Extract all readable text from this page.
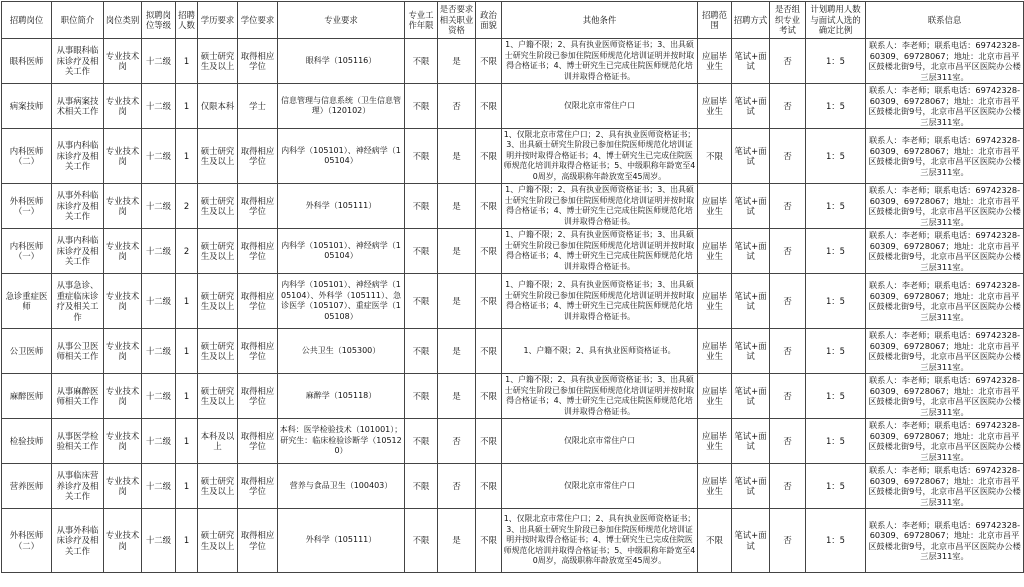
招聘岗位	职位简介	岗位类别	拟聘岗位等级	招聘人数	学历要求	学位要求	专业要求	专业工作年限	是否要求相关职业资格	政治面貌	其他条件	招聘范围	招聘方式	是否组织专业考试	计划聘用人数与面试人选的确定比例	联系信息
眼科医师	从事眼科临床诊疗及相关工作	专业技术岗	十二级	1	硕士研究生及以上	取得相应学位	眼科学（105116）	不限	是	不限	1、户籍不限；2、具有执业医师资格证书；3、出具硕士研究生阶段已参加住院医师规范化培训证明并按时取得合格证书；4、博士研究生已完成住院医师规范化培训并取得合格证书。	应届毕业生	笔试+面试	否	1：5	联系人：李老师；联系电话：69742328-60309、69728067；地址：北京市昌平区鼓楼北街9号，北京市昌平区医院办公楼三层311室。
病案技师	从事病案技术相关工作	专业技术岗	十二级	1	仅限本科	学士	信息管理与信息系统（卫生信息管理）（120102）	不限	否	不限	仅限北京市常住户口	应届毕业生	笔试+面试	否	1：5	联系人：李老师；联系电话：69742328-60309、69728067；地址：北京市昌平区鼓楼北街9号，北京市昌平区医院办公楼三层311室。
内科医师（二）	从事内科临床诊疗及相关工作	专业技术岗	十二级	1	硕士研究生及以上	取得相应学位	内科学（105101）、神经病学（105104）	不限	是	不限	1、仅限北京市常住户口；2、具有执业医师资格证书；3、出具硕士研究生阶段已参加住院医师规范化培训证明并按时取得合格证书；4、博士研究生已完成住院医师规范化培训并取得合格证书；5、中级职称年龄宽至40周岁，高级职称年龄放宽至45周岁。	不限	笔试+面试	否	1：5	联系人：李老师；联系电话：69742328-60309、69728067；地址：北京市昌平区鼓楼北街9号，北京市昌平区医院办公楼三层311室。
外科医师（一）	从事外科临床诊疗及相关工作	专业技术岗	十二级	2	硕士研究生及以上	取得相应学位	外科学（105111）	不限	是	不限	1、户籍不限；2、具有执业医师资格证书；3、出具硕士研究生阶段已参加住院医师规范化培训证明并按时取得合格证书；4、博士研究生已完成住院医师规范化培训并取得合格证书。	应届毕业生	笔试+面试	否	1：5	联系人：李老师；联系电话：69742328-60309、69728067；地址：北京市昌平区鼓楼北街9号，北京市昌平区医院办公楼三层311室。
内科医师（一）	从事内科临床诊疗及相关工作	专业技术岗	十二级	2	硕士研究生及以上	取得相应学位	内科学（105101）、神经病学（105104）	不限	是	不限	1、户籍不限；2、具有执业医师资格证书；3、出具硕士研究生阶段已参加住院医师规范化培训证明并按时取得合格证书；4、博士研究生已完成住院医师规范化培训并取得合格证书。	应届毕业生	笔试+面试	否	1：5	联系人：李老师；联系电话：69742328-60309、69728067；地址：北京市昌平区鼓楼北街9号，北京市昌平区医院办公楼三层311室。
急诊重症医师	从事急诊、重症临床诊疗及相关工作	专业技术岗	十二级	1	硕士研究生及以上	取得相应学位	内科学（105101）、神经病学（105104）、外科学（105111）、急诊医学（105107）、重症医学（105108）	不限	是	不限	1、户籍不限；2、具有执业医师资格证书；3、出具硕士研究生阶段已参加住院医师规范化培训证明并按时取得合格证书；4、博士研究生已完成住院医师规范化培训并取得合格证书。	应届毕业生	笔试+面试	否	1：5	联系人：李老师；联系电话：69742328-60309、69728067；地址：北京市昌平区鼓楼北街9号，北京市昌平区医院办公楼三层311室。
公卫医师	从事公卫医师相关工作	专业技术岗	十二级	1	硕士研究生及以上	取得相应学位	公共卫生（105300）	不限	是	不限	1、户籍不限；2、具有执业医师资格证书。	应届毕业生	笔试+面试	否	1：5	联系人：李老师；联系电话：69742328-60309、69728067；地址：北京市昌平区鼓楼北街9号，北京市昌平区医院办公楼三层311室。
麻醉医师	从事麻醉医师相关工作	专业技术岗	十二级	1	硕士研究生及以上	取得相应学位	麻醉学（105118）	不限	是	不限	1、户籍不限；2、具有执业医师资格证书；3、出具硕士研究生阶段已参加住院医师规范化培训证明并按时取得合格证书；4、博士研究生已完成住院医师规范化培训并取得合格证书。	应届毕业生	笔试+面试	否	1：5	联系人：李老师；联系电话：69742328-60309、69728067；地址：北京市昌平区鼓楼北街9号，北京市昌平区医院办公楼三层311室。
检验技师	从事医学检验相关工作	专业技术岗	十二级	1	本科及以上	取得相应学位	本科：医学检验技术（101001）；研究生：临床检验诊断学（105120）	不限	否	不限	仅限北京市常住户口	应届毕业生	笔试+面试	否	1：5	联系人：李老师；联系电话：69742328-60309、69728067；地址：北京市昌平区鼓楼北街9号，北京市昌平区医院办公楼三层311室。
营养医师	从事临床营养诊疗及相关工作	专业技术岗	十二级	1	硕士研究生及以上	取得相应学位	营养与食品卫生（100403）	不限	否	不限	仅限北京市常住户口	应届毕业生	笔试+面试	否	1：5	联系人：李老师；联系电话：69742328-60309、69728067；地址：北京市昌平区鼓楼北街9号，北京市昌平区医院办公楼三层311室。
外科医师（二）	从事外科临床诊疗及相关工作	专业技术岗	十二级	1	硕士研究生及以上	取得相应学位	外科学（105111）	不限	是	不限	1、仅限北京市常住户口；2、具有执业医师资格证书；3、出具硕士研究生阶段已参加住院医师规范化培训证明并按时取得合格证书；4、博士研究生已完成住院医师规范化培训并取得合格证书；5、中级职称年龄宽至40周岁，高级职称年龄放宽至45周岁。	不限	笔试+面试	否	1：5	联系人：李老师；联系电话：69742328-60309、69728067；地址：北京市昌平区鼓楼北街9号，北京市昌平区医院办公楼三层311室。
